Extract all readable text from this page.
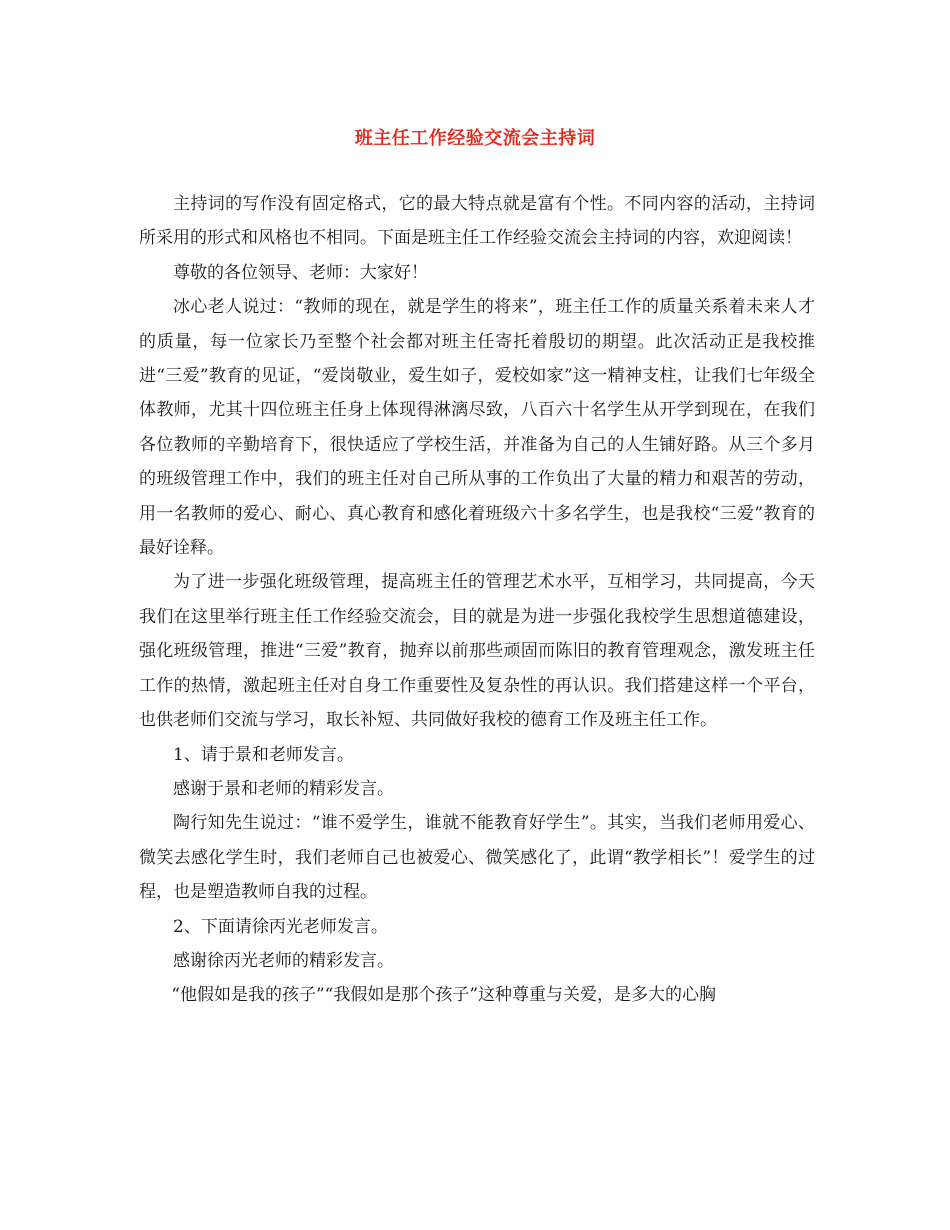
班主任工作经验交流会主持词

主持词的写作没有固定格式，它的最大特点就是富有个性。不同内容的活动，主持词所采用的形式和风格也不相同。下面是班主任工作经验交流会主持词的内容，欢迎阅读！

尊敬的各位领导、老师：大家好！

冰心老人说过：“教师的现在，就是学生的将来”，班主任工作的质量关系着未来人才的质量，每一位家长乃至整个社会都对班主任寄托着殷切的期望。此次活动正是我校推进“三爱”教育的见证，“爱岗敬业，爱生如子，爱校如家”这一精神支柱，让我们七年级全体教师，尤其十四位班主任身上体现得淋漓尽致，八百六十名学生从开学到现在，在我们各位教师的辛勤培育下，很快适应了学校生活，并准备为自己的人生铺好路。从三个多月的班级管理工作中，我们的班主任对自己所从事的工作负出了大量的精力和艰苦的劳动，用一名教师的爱心、耐心、真心教育和感化着班级六十多名学生，也是我校“三爱”教育的最好诠释。

为了进一步强化班级管理，提高班主任的管理艺术水平，互相学习，共同提高，今天我们在这里举行班主任工作经验交流会，目的就是为进一步强化我校学生思想道德建设，强化班级管理，推进“三爱”教育，抛弃以前那些顽固而陈旧的教育管理观念，激发班主任工作的热情，激起班主任对自身工作重要性及复杂性的再认识。我们搭建这样一个平台，也供老师们交流与学习，取长补短、共同做好我校的德育工作及班主任工作。

1、请于景和老师发言。

感谢于景和老师的精彩发言。

陶行知先生说过：“谁不爱学生，谁就不能教育好学生”。其实，当我们老师用爱心、微笑去感化学生时，我们老师自己也被爱心、微笑感化了，此谓“教学相长”！爱学生的过程，也是塑造教师自我的过程。

2、下面请徐丙光老师发言。

感谢徐丙光老师的精彩发言。

“他假如是我的孩子”“我假如是那个孩子”这种尊重与关爱，是多大的心胸
